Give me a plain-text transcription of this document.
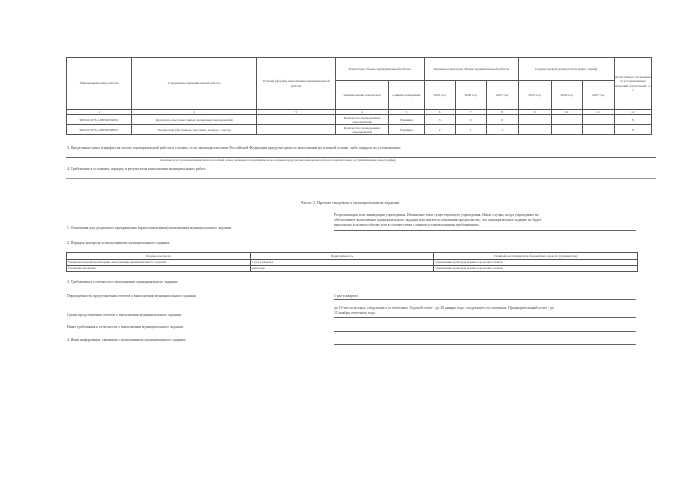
Уникальный номер работы	Содержание муниципальной работы	Условия (формы) выполнения муниципальной работы	Показатель объема муниципальной работы		Значение показателя объема муниципальной работы			Среднегодовой размер платы (цена, тариф)			Допустимые отклонения от установленных значений показателей, о/о
			наименование показателя	единица измерения	2025 год	2026 год	2027 год	2025 год	2026 год	2027 год	
1	2	3	4	5	6	7	8	9	10	11	12
900310.Р.76.1.08030059001	Культурно-массовых (иных зрелищных мероприятий		Количество проведенных мероприятий	Единица	3	0	0				8
900310.Р.76.1.08030068001	Творческих (фестиваль, выставка, конкурс, смотр)		Количество проведенных мероприятий	Единица	2	1	1				8
3. Предельные цены (тарифы) на оплату муниципальной работы в случаях, если законодательством Российской Федерации предусмотрено ее выполнение на платной основе, либо порядок их установления:
(заполняется в случае выполнения работы на платной основе, указываются нормативные акты, которыми предусмотрено выполнение работы на платной основе, и устанавливающие цены (тарифы))
4. Требования к условиям, порядку и результатам выполнения муниципальных работ:
Часть 3. Прочие сведения о муниципальном задании
1. Основания для досрочного прекращения (приостановления) выполнения муниципального задания:
Реорганизация или ликвидация учреждения. Изменение типа существующего учреждения. Иные случаи, когда учреждение не
обеспечивает выполнение муниципального задания или имеются основания предполагать, что муниципальное задание не будет
выполнено в полном объеме или в соответствии с иными установленными требованиями.
2. Порядок контроля за выполнением муниципального задания:
Формы контроля	Периодичность	Главный распорядитель бюджетных средств (учредитель)
Ежеквартальный мониторинг выполнения муниципального задания	1 раз в квартал	управление культуры мэрии города Ярославля
Плановая проверка	ежегодно	управление культуры мэрии города Ярославля
3. Требования к отчетности о выполнении муниципального задания:
Периодичность представления отчетов о выполнении муниципального задания:	1 раз в квартал
Сроки представления отчетов о выполнении муниципального задания:
до 10 числа месяца, следующего за отчетным. Годовой отчет - до 20 января года, следующего за отчетным. Предварительный отчет - до
15 ноября отчетного года.
Иные требования к отчетности о выполнении муниципального задания:
4. Иная информация, связанная с выполнением муниципального задания:
